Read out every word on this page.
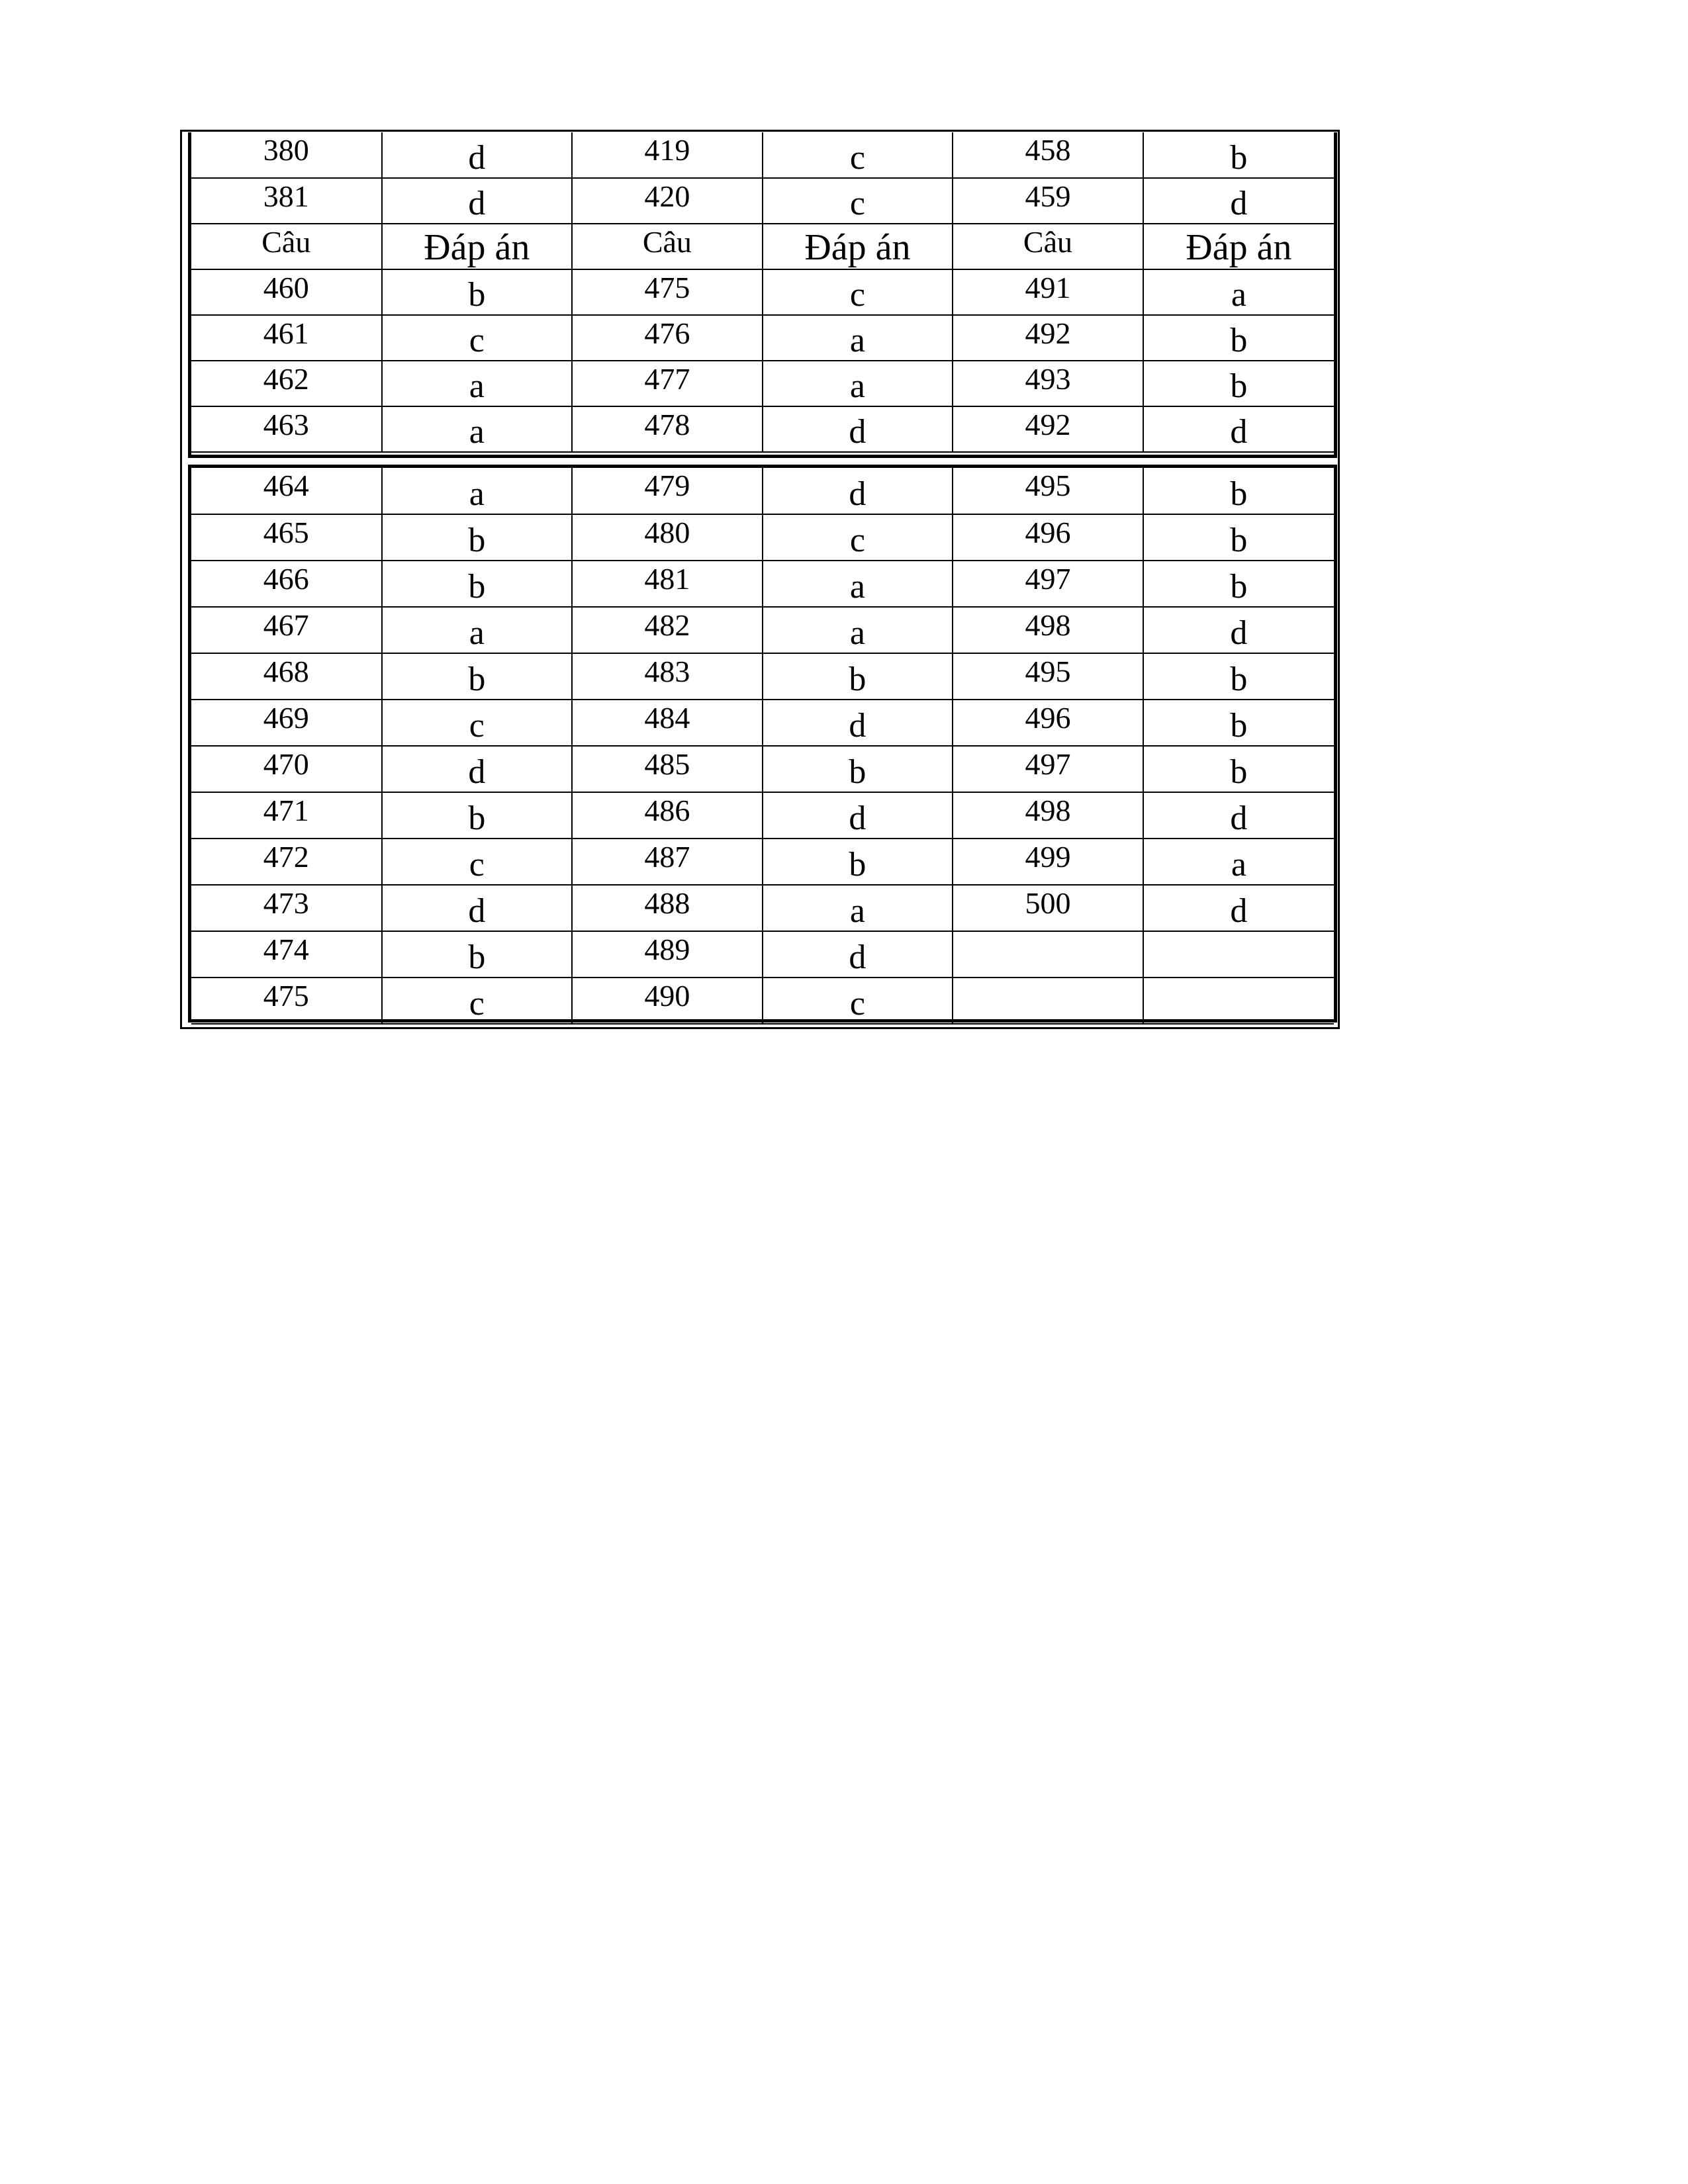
380	d	419	c	458	b
381	d	420	c	459	d
Câu	Đáp án	Câu	Đáp án	Câu	Đáp án
460	b	475	c	491	a
461	c	476	a	492	b
462	a	477	a	493	b
463	a	478	d	492	d
464	a	479	d	495	b
465	b	480	c	496	b
466	b	481	a	497	b
467	a	482	a	498	d
468	b	483	b	495	b
469	c	484	d	496	b
470	d	485	b	497	b
471	b	486	d	498	d
472	c	487	b	499	a
473	d	488	a	500	d
474	b	489	d		
475	c	490	c		
